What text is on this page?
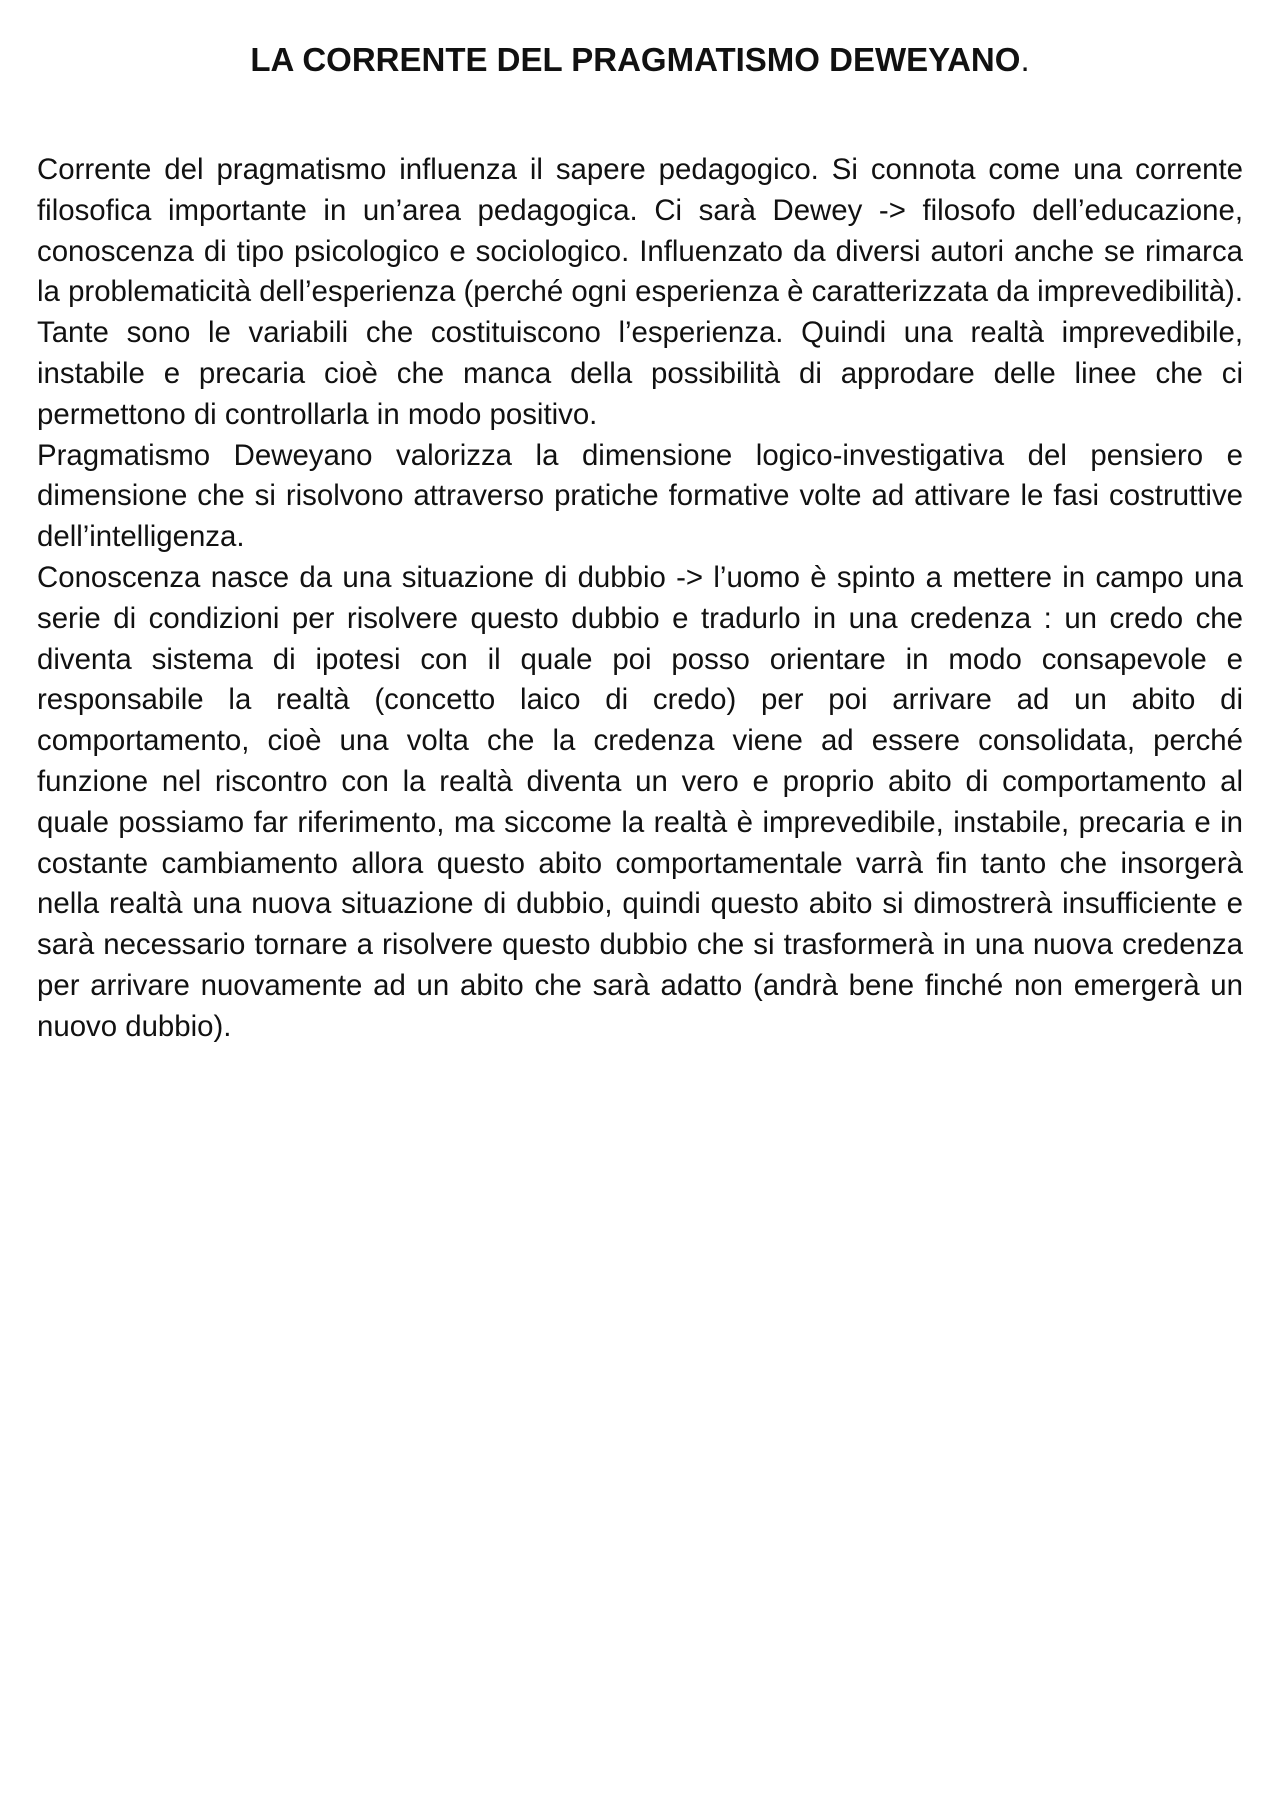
LA CORRENTE DEL PRAGMATISMO DEWEYANO.

Corrente del pragmatismo influenza il sapere pedagogico. Si connota come una corrente filosofica importante in un’area pedagogica. Ci sarà Dewey -> filosofo dell’educazione, conoscenza di tipo psicologico e sociologico. Influenzato da diversi autori anche se rimarca la problematicità dell’esperienza (perché ogni esperienza è caratterizzata da imprevedibilità). Tante sono le variabili che costituiscono l’esperienza. Quindi una realtà imprevedibile, instabile e precaria cioè che manca della possibilità di approdare delle linee che ci permettono di controllarla in modo positivo.

Pragmatismo Deweyano valorizza la dimensione logico-investigativa del pensiero e dimensione che si risolvono attraverso pratiche formative volte ad attivare le fasi costruttive dell’intelligenza.

Conoscenza nasce da una situazione di dubbio -> l’uomo è spinto a mettere in campo una serie di condizioni per risolvere questo dubbio e tradurlo in una credenza : un credo che diventa sistema di ipotesi con il quale poi posso orientare in modo consapevole e responsabile la realtà (concetto laico di credo) per poi arrivare ad un abito di comportamento, cioè una volta che la credenza viene ad essere consolidata, perché funzione nel riscontro con la realtà diventa un vero e proprio abito di comportamento al quale possiamo far riferimento, ma siccome la realtà è imprevedibile, instabile, precaria e in costante cambiamento allora questo abito comportamentale varrà fin tanto che insorgerà nella realtà una nuova situazione di dubbio, quindi questo abito si dimostrerà insufficiente e sarà necessario tornare a risolvere questo dubbio che si trasformerà in una nuova credenza per arrivare nuovamente ad un abito che sarà adatto (andrà bene finché non emergerà un nuovo dubbio).
